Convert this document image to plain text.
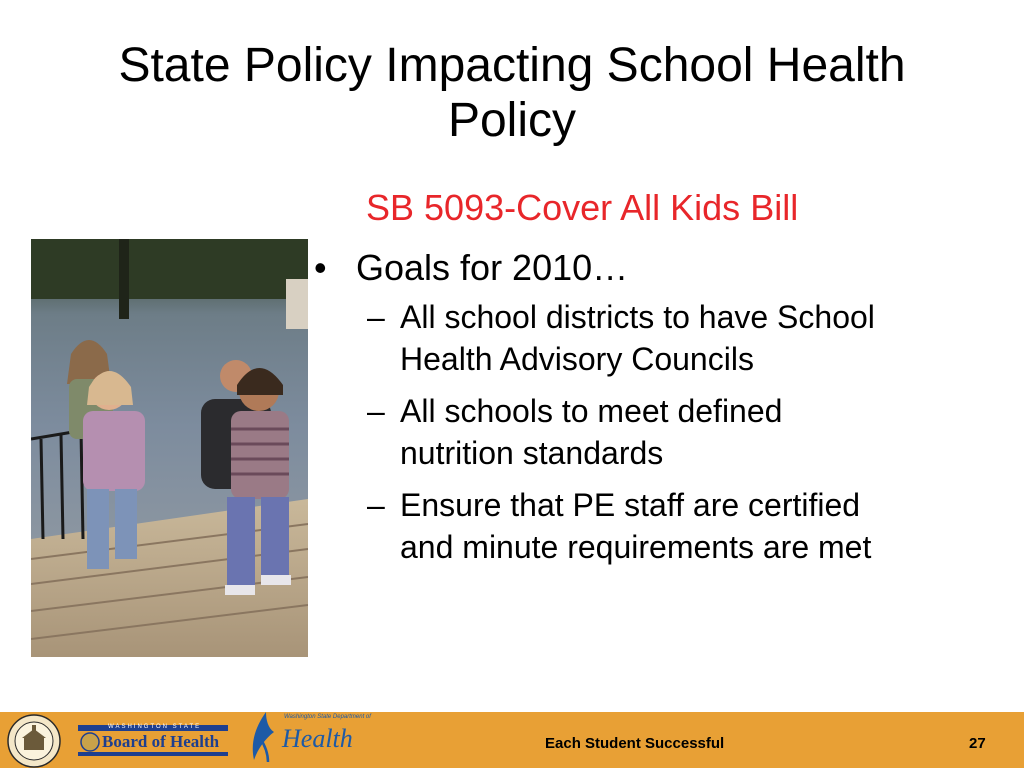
State Policy Impacting School Health Policy
SB 5093-Cover All Kids Bill
• Goals for 2010…
– All school districts to have School Health Advisory Councils
– All schools to meet defined nutrition standards
– Ensure that PE staff are certified and minute requirements are met
WASHINGTON STATE
Board of Health
Washington State Department of
Health	Each Student Successful	27
